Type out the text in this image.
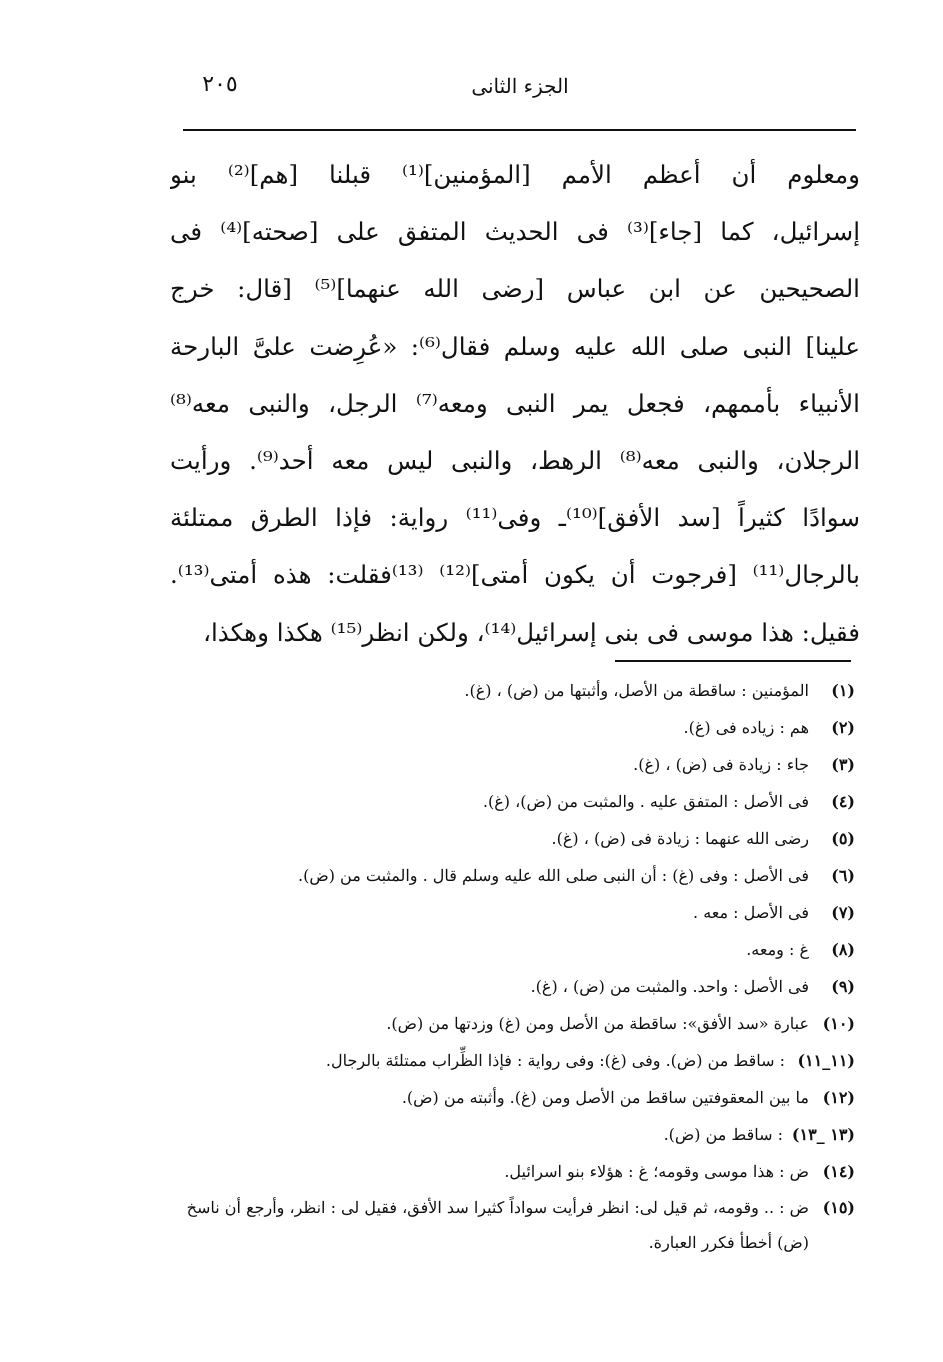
٢٠٥	الجزء الثانى
ومعلوم أن أعظم الأمم [المؤمنين]⁽¹⁾ قبلنا [هم]⁽²⁾ بنو
إسرائيل، كما [جاء]⁽³⁾ فى الحديث المتفق على [صحته]⁽⁴⁾ فى
الصحيحين عن ابن عباس [رضى الله عنهما]⁽⁵⁾ [قال: خرج
علينا] النبى صلى الله عليه وسلم فقال⁽⁶⁾: «عُرِضت علىَّ البارحة
الأنبياء بأممهم، فجعل يمر النبى ومعه⁽⁷⁾ الرجل، والنبى معه⁽⁸⁾
الرجلان، والنبى معه⁽⁸⁾ الرهط، والنبى ليس معه أحد⁽⁹⁾. ورأيت
سوادًا كثيراً [سد الأفق]⁽¹⁰⁾ـ وفى⁽¹¹⁾ رواية: فإذا الطرق ممتلئة
بالرجال⁽¹¹⁾ [فرجوت أن يكون أمتى]⁽¹²⁾ ⁽¹³⁾فقلت: هذه أمتى⁽¹³⁾.
فقيل: هذا موسى فى بنى إسرائيل⁽¹⁴⁾، ولكن انظر⁽¹⁵⁾ هكذا وهكذا،
(١)
المؤمنين : ساقطة من الأصل، وأثبتها من (ض) ، (غ).
(٢)
هم : زياده فى (غ).
(٣)
جاء : زيادة فى (ض) ، (غ).
(٤)
فى الأصل : المتفق عليه . والمثبت من (ض)، (غ).
(٥)
رضى الله عنهما : زيادة فى (ض) ، (غ).
(٦)
فى الأصل : وفى (غ) : أن النبى صلى الله عليه وسلم قال . والمثبت من (ض).
(٧)
فى الأصل : معه .
(٨)
غ : ومعه.
(٩)
فى الأصل : واحد. والمثبت من (ض) ، (غ).
(١٠)
عبارة «سد الأفق»: ساقطة من الأصل ومن (غ) وزدتها من (ض).
(١١_١١)
: ساقط من (ض). وفى (غ): وفى رواية : فإذا الظِّراب ممتلئة بالرجال.
(١٢)
ما بين المعقوفتين ساقط من الأصل ومن (غ). وأثبته من (ض).
(١٣ _١٣)
: ساقط من (ض).
(١٤)
ض : هذا موسى وقومه؛ غ : هؤلاء بنو اسرائيل.
(١٥)
ض : .. وقومه، ثم قيل لى: انظر فرأيت سواداً كثيرا سد الأفق، فقيل لى : انظر، وأرجع أن ناسخ (ض) أخطأ فكرر العبارة.
